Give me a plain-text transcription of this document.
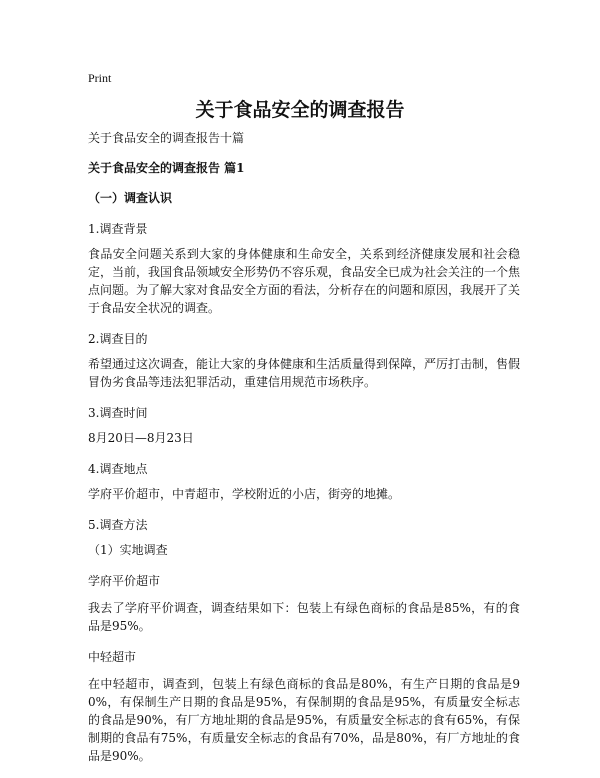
Print
关于食品安全的调查报告

关于食品安全的调查报告十篇

关于食品安全的调查报告 篇1

（一）调查认识

1.调查背景

食品安全问题关系到大家的身体健康和生命安全，关系到经济健康发展和社会稳定，当前，我国食品领域安全形势仍不容乐观，食品安全已成为社会关注的一个焦点问题。为了解大家对食品安全方面的看法，分析存在的问题和原因，我展开了关于食品安全状况的调查。

2.调查目的

希望通过这次调查，能让大家的身体健康和生活质量得到保障，严厉打击制，售假冒伪劣食品等违法犯罪活动，重建信用规范市场秩序。

3.调查时间

8月20日—8月23日

4.调查地点

学府平价超市，中青超市，学校附近的小店，街旁的地摊。

5.调查方法

（1）实地调查

学府平价超市

我去了学府平价调查，调查结果如下：包装上有绿色商标的食品是85%，有的食品是95%。

中轻超市

在中轻超市，调查到，包装上有绿色商标的食品是80%，有生产日期的食品是90%，有保制生产日期的食品是95%，有保制期的食品是95%，有质量安全标志的食品是90%，有厂方地址期的食品是95%，有质量安全标志的食有65%，有保制期的食品有75%，有质量安全标志的食品有70%，品是80%，有厂方地址的食品是90%。
